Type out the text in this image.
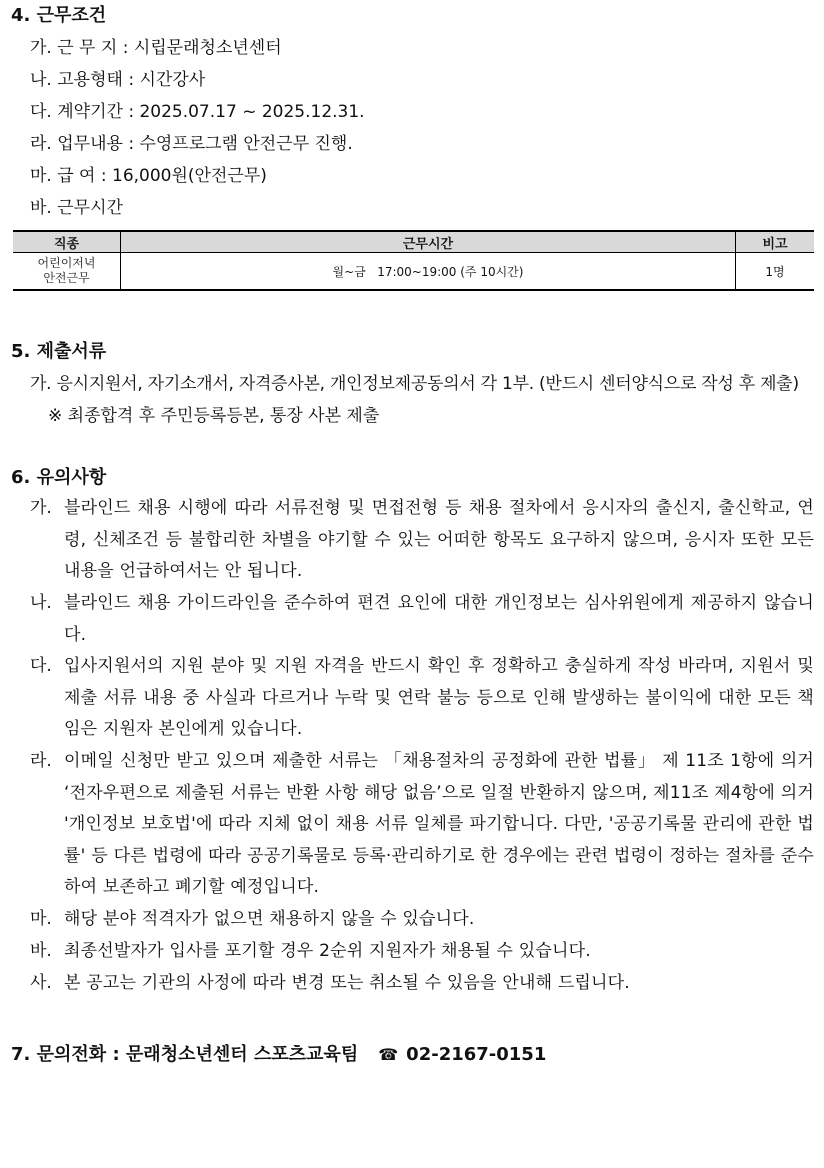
4. 근무조건
가. 근 무 지 : 시립문래청소년센터
나. 고용형태 : 시간강사
다. 계약기간 : 2025.07.17 ~ 2025.12.31.
라. 업무내용 : 수영프로그램 안전근무 진행.
마. 급 여 : 16,000원(안전근무)
바. 근무시간
직종	근무시간	비고

어린이저녁
안전근무	월~금   17:00~19:00 (주 10시간)	1명
5. 제출서류
가. 응시지원서, 자기소개서, 자격증사본, 개인정보제공동의서 각 1부. (반드시 센터양식으로 작성 후 제출)
※ 최종합격 후 주민등록등본, 통장 사본 제출
6. 유의사항
가. 블라인드 채용 시행에 따라 서류전형 및 면접전형 등 채용 절차에서 응시자의 출신지, 출신학교, 연령, 신체조건 등 불합리한 차별을 야기할 수 있는 어떠한 항목도 요구하지 않으며, 응시자 또한 모든 내용을 언급하여서는 안 됩니다.
나. 블라인드 채용 가이드라인을 준수하여 편견 요인에 대한 개인정보는 심사위원에게 제공하지 않습니다.
다. 입사지원서의 지원 분야 및 지원 자격을 반드시 확인 후 정확하고 충실하게 작성 바라며, 지원서 및 제출 서류 내용 중 사실과 다르거나 누락 및 연락 불능 등으로 인해 발생하는 불이익에 대한 모든 책임은 지원자 본인에게 있습니다.
라. 이메일 신청만 받고 있으며 제출한 서류는 「채용절차의 공정화에 관한 법률」 제 11조 1항에 의거 ‘전자우편으로 제출된 서류는 반환 사항 해당 없음’으로 일절 반환하지 않으며, 제11조 제4항에 의거 '개인정보 보호법'에 따라 지체 없이 채용 서류 일체를 파기합니다. 다만, '공공기록물 관리에 관한 법률' 등 다른 법령에 따라 공공기록물로 등록·관리하기로 한 경우에는 관련 법령이 정하는 절차를 준수하여 보존하고 폐기할 예정입니다.
마. 해당 분야 적격자가 없으면 채용하지 않을 수 있습니다.
바. 최종선발자가 입사를 포기할 경우 2순위 지원자가 채용될 수 있습니다.
사. 본 공고는 기관의 사정에 따라 변경 또는 취소될 수 있음을 안내해 드립니다.
7. 문의전화 : 문래청소년센터 스포츠교육팀 ☎ 02-2167-0151
